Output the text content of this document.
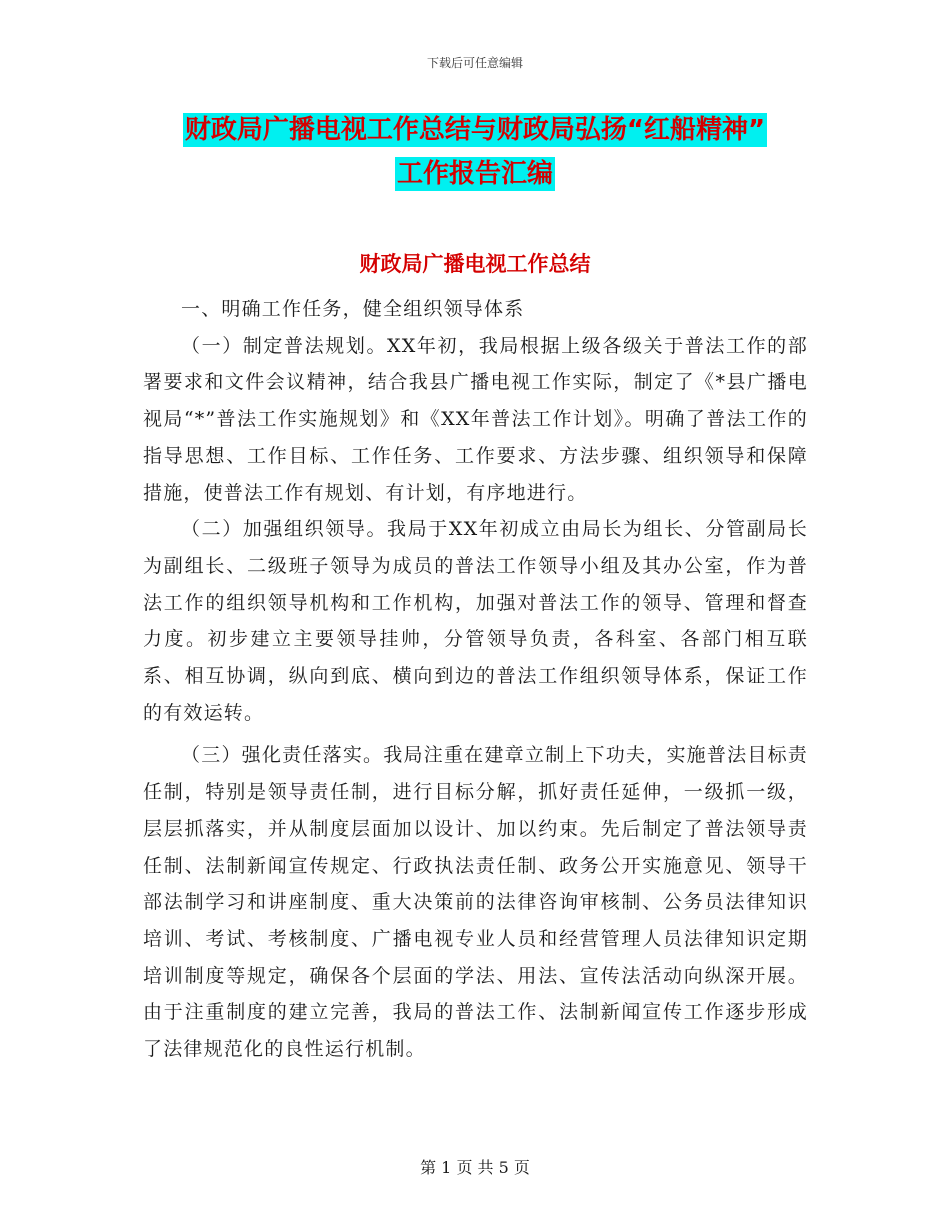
下载后可任意编辑
财政局广播电视工作总结与财政局弘扬“红船精神”
工作报告汇编
财政局广播电视工作总结

一、明确工作任务，健全组织领导体系

（一）制定普法规划。XX年初，我局根据上级各级关于普法工作的部署要求和文件会议精神，结合我县广播电视工作实际，制定了《*县广播电视局“*”普法工作实施规划》和《XX年普法工作计划》。明确了普法工作的指导思想、工作目标、工作任务、工作要求、方法步骤、组织领导和保障措施，使普法工作有规划、有计划，有序地进行。

（二）加强组织领导。我局于XX年初成立由局长为组长、分管副局长为副组长、二级班子领导为成员的普法工作领导小组及其办公室，作为普法工作的组织领导机构和工作机构，加强对普法工作的领导、管理和督查力度。初步建立主要领导挂帅，分管领导负责，各科室、各部门相互联系、相互协调，纵向到底、横向到边的普法工作组织领导体系，保证工作的有效运转。

（三）强化责任落实。我局注重在建章立制上下功夫，实施普法目标责任制，特别是领导责任制，进行目标分解，抓好责任延伸，一级抓一级，层层抓落实，并从制度层面加以设计、加以约束。先后制定了普法领导责任制、法制新闻宣传规定、行政执法责任制、政务公开实施意见、领导干部法制学习和讲座制度、重大决策前的法律咨询审核制、公务员法律知识培训、考试、考核制度、广播电视专业人员和经营管理人员法律知识定期培训制度等规定，确保各个层面的学法、用法、宣传法活动向纵深开展。由于注重制度的建立完善，我局的普法工作、法制新闻宣传工作逐步形成了法律规范化的良性运行机制。

第 1 页 共 5 页
